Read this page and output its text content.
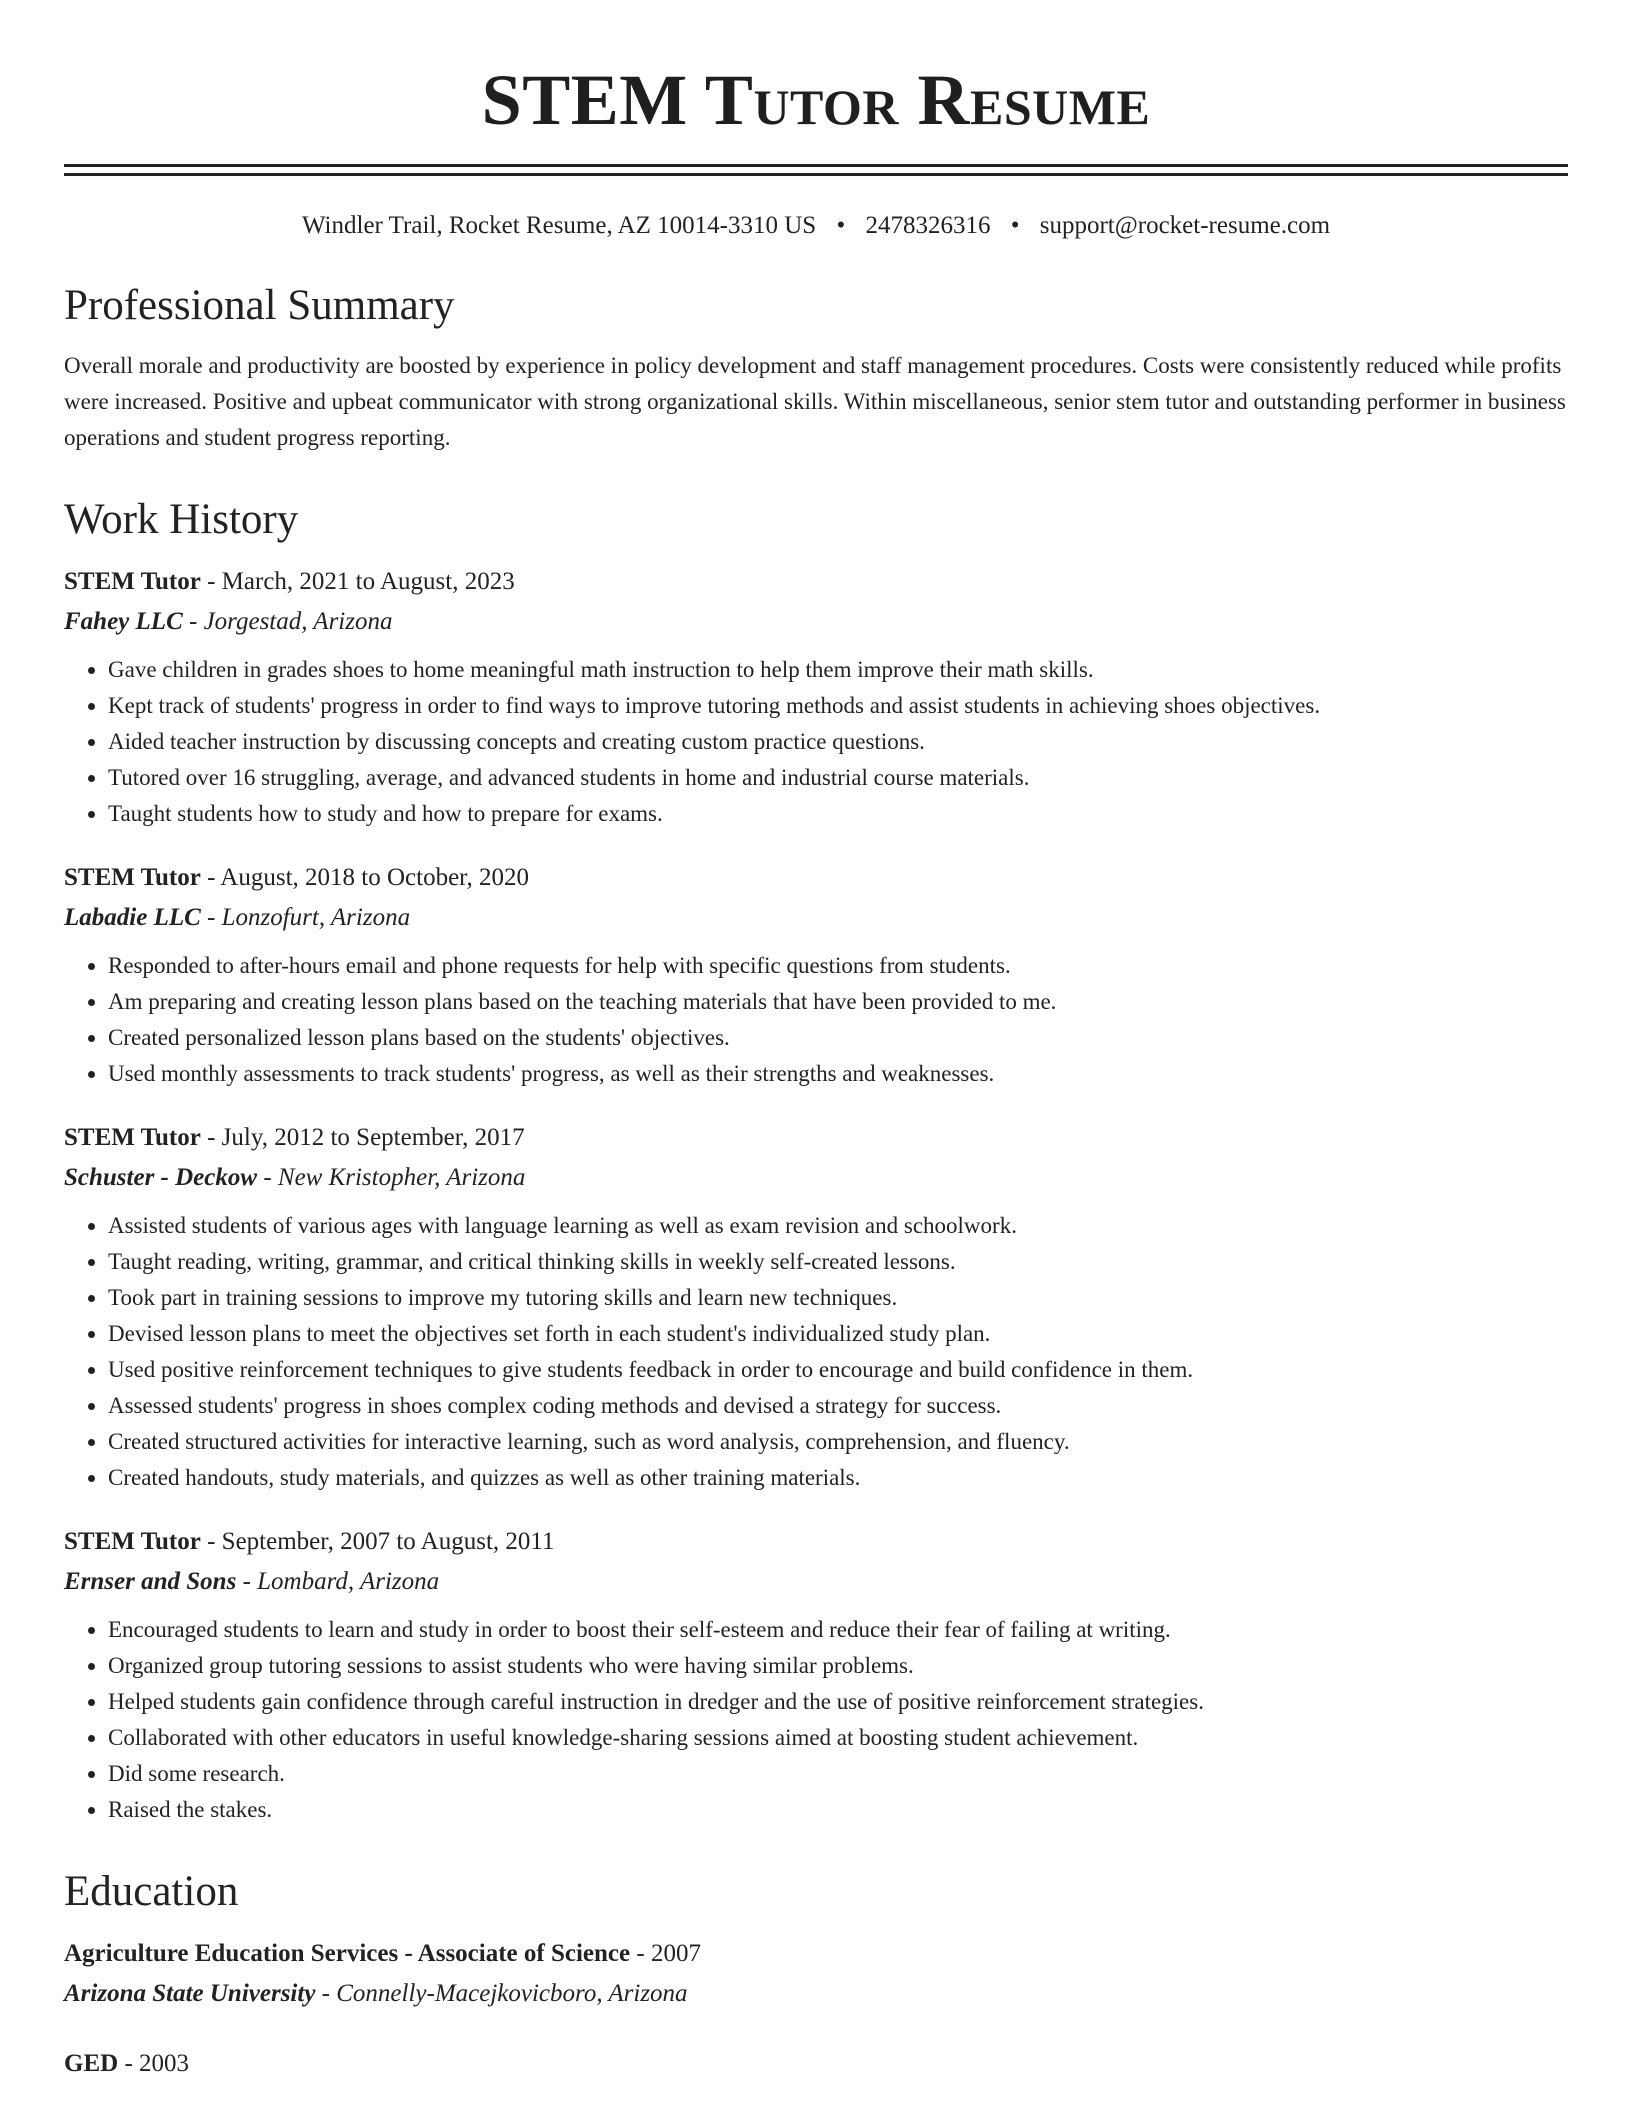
STEM Tutor Resume
Windler Trail, Rocket Resume, AZ 10014-3310 US • 2478326316 • support@rocket-resume.com
Professional Summary

Overall morale and productivity are boosted by experience in policy development and staff management procedures. Costs were consistently reduced while profits were increased. Positive and upbeat communicator with strong organizational skills. Within miscellaneous, senior stem tutor and outstanding performer in business operations and student progress reporting.

Work History
STEM Tutor - March, 2021 to August, 2023
Fahey LLC - Jorgestad, Arizona
• Gave children in grades shoes to home meaningful math instruction to help them improve their math skills.
• Kept track of students' progress in order to find ways to improve tutoring methods and assist students in achieving shoes objectives.
• Aided teacher instruction by discussing concepts and creating custom practice questions.
• Tutored over 16 struggling, average, and advanced students in home and industrial course materials.
• Taught students how to study and how to prepare for exams.
STEM Tutor - August, 2018 to October, 2020
Labadie LLC - Lonzofurt, Arizona
• Responded to after-hours email and phone requests for help with specific questions from students.
• Am preparing and creating lesson plans based on the teaching materials that have been provided to me.
• Created personalized lesson plans based on the students' objectives.
• Used monthly assessments to track students' progress, as well as their strengths and weaknesses.
STEM Tutor - July, 2012 to September, 2017
Schuster - Deckow - New Kristopher, Arizona
• Assisted students of various ages with language learning as well as exam revision and schoolwork.
• Taught reading, writing, grammar, and critical thinking skills in weekly self-created lessons.
• Took part in training sessions to improve my tutoring skills and learn new techniques.
• Devised lesson plans to meet the objectives set forth in each student's individualized study plan.
• Used positive reinforcement techniques to give students feedback in order to encourage and build confidence in them.
• Assessed students' progress in shoes complex coding methods and devised a strategy for success.
• Created structured activities for interactive learning, such as word analysis, comprehension, and fluency.
• Created handouts, study materials, and quizzes as well as other training materials.
STEM Tutor - September, 2007 to August, 2011
Ernser and Sons - Lombard, Arizona
• Encouraged students to learn and study in order to boost their self-esteem and reduce their fear of failing at writing.
• Organized group tutoring sessions to assist students who were having similar problems.
• Helped students gain confidence through careful instruction in dredger and the use of positive reinforcement strategies.
• Collaborated with other educators in useful knowledge-sharing sessions aimed at boosting student achievement.
• Did some research.
• Raised the stakes.
Education
Agriculture Education Services - Associate of Science - 2007
Arizona State University - Connelly-Macejkovicboro, Arizona
GED - 2003
